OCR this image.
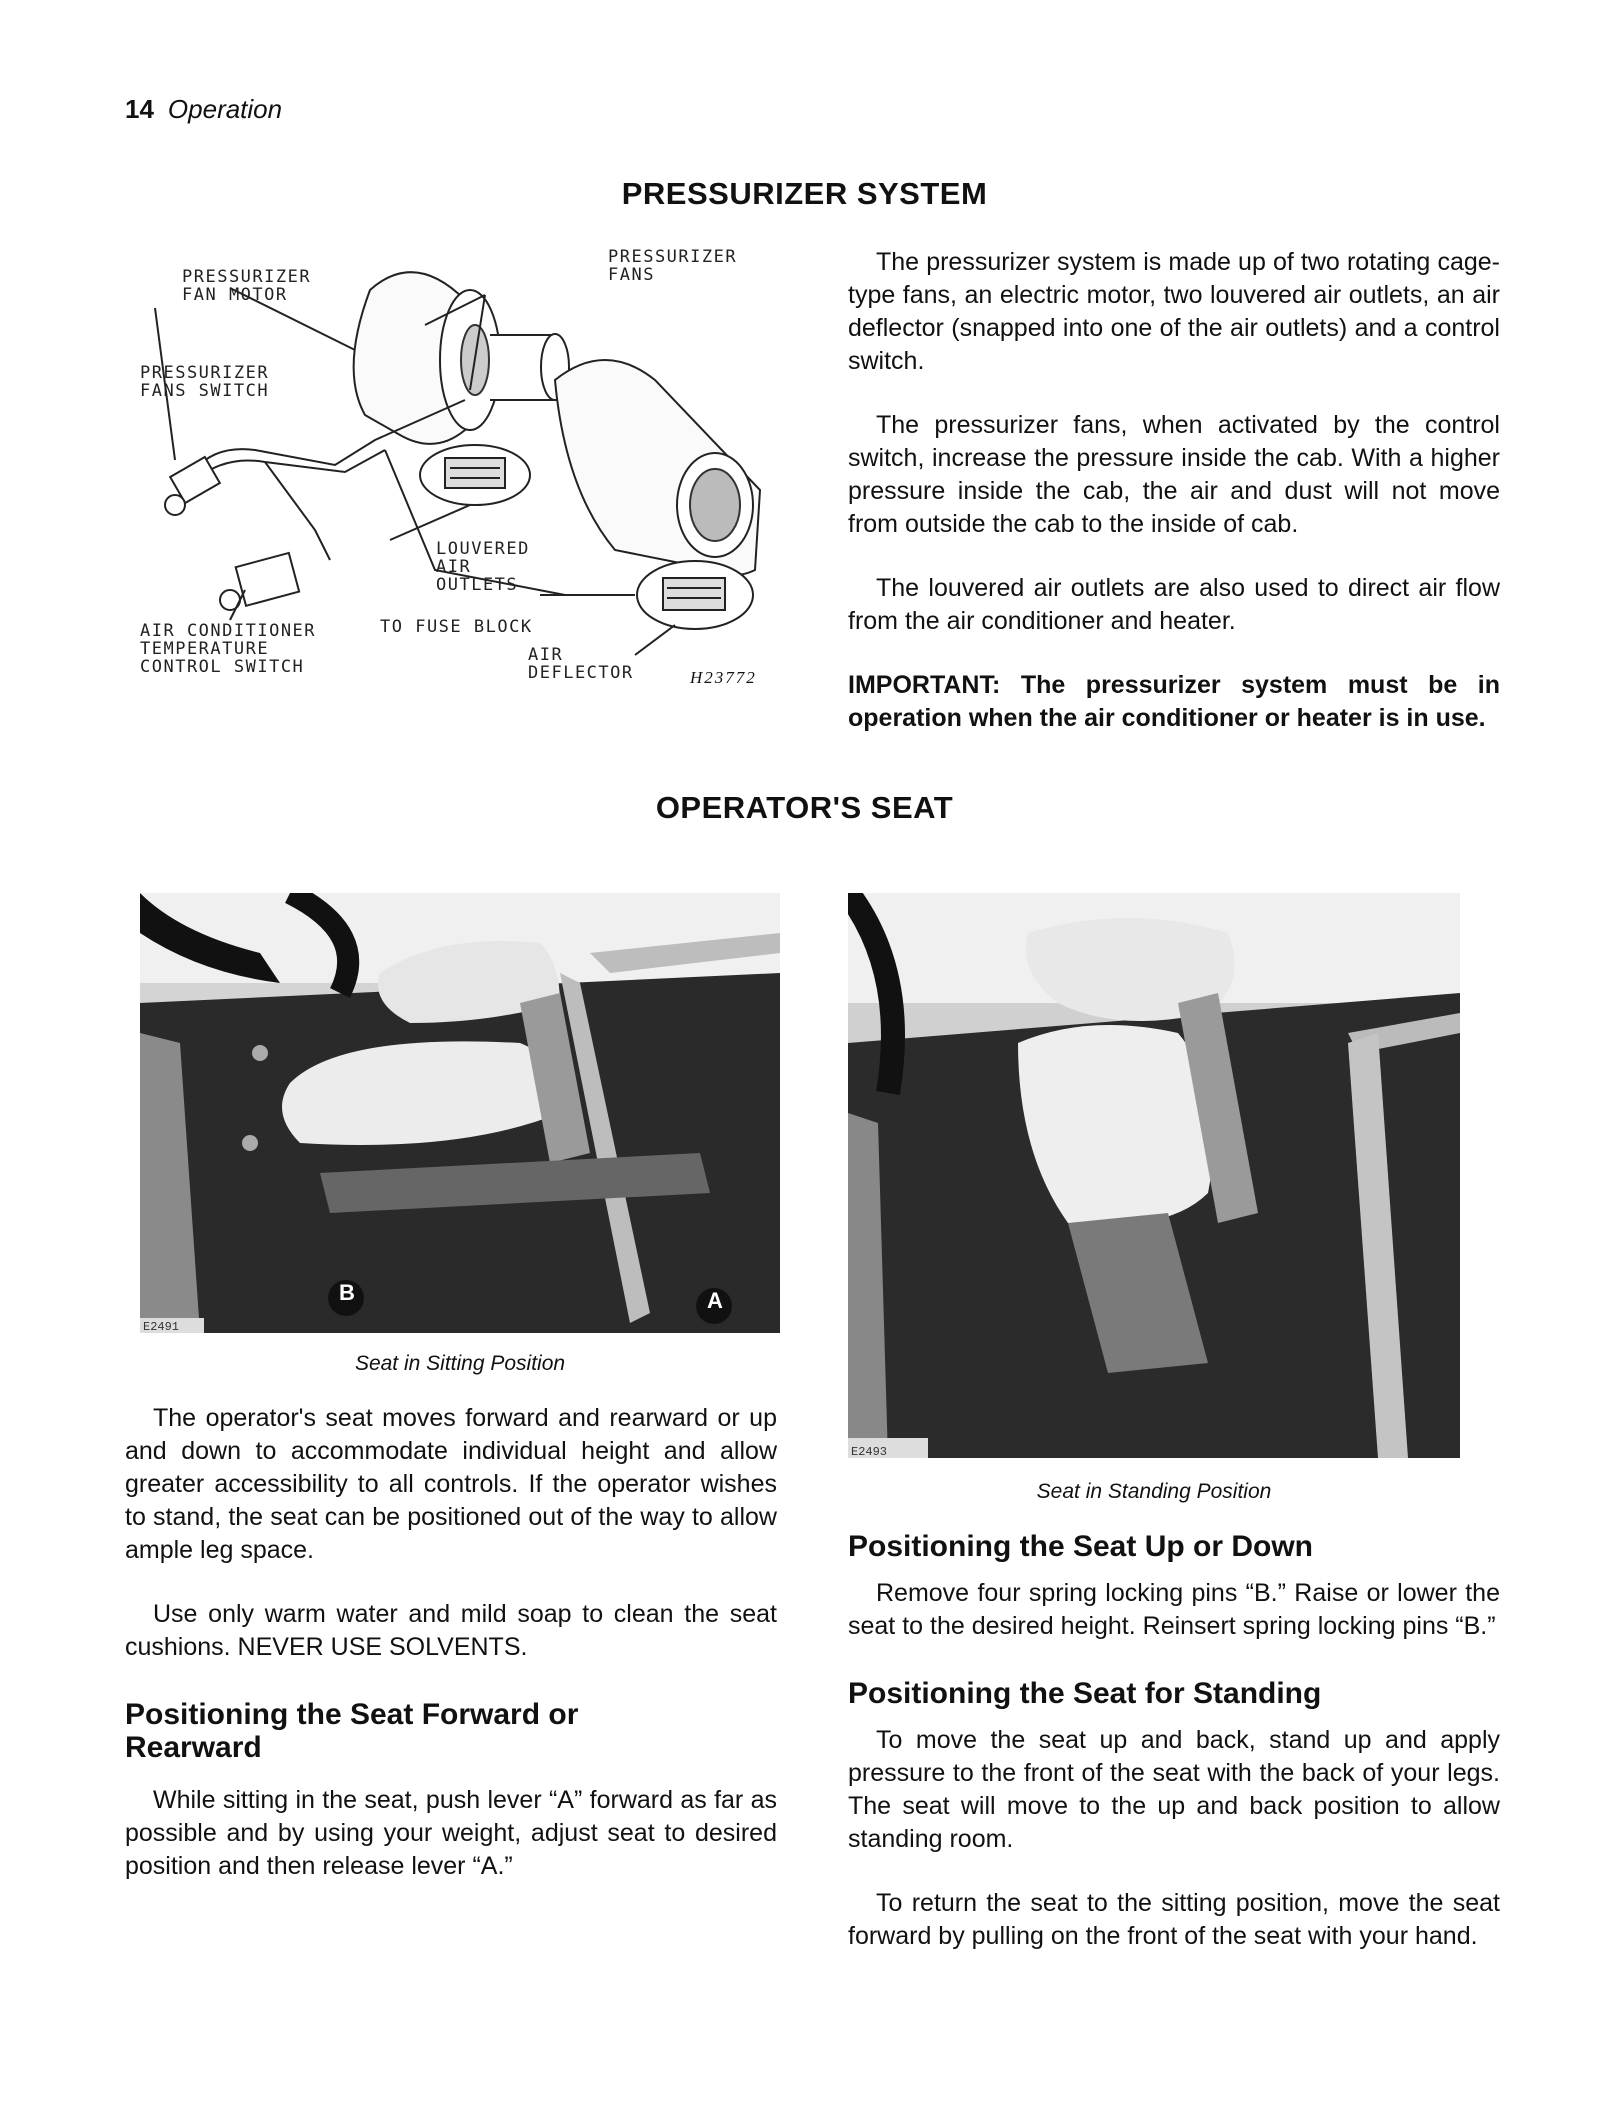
14 Operation
PRESSURIZER SYSTEM
PRESSURIZER
FAN MOTOR
PRESSURIZER
FANS
PRESSURIZER
FANS SWITCH
LOUVERED
AIR
OUTLETS
AIR CONDITIONER
TEMPERATURE
CONTROL SWITCH
TO FUSE BLOCK
AIR
DEFLECTOR	H23772

The pressurizer system is made up of two rotating cage-type fans, an electric motor, two louvered air outlets, an air deflector (snapped into one of the air outlets) and a control switch.

The pressurizer fans, when activated by the control switch, increase the pressure inside the cab. With a higher pressure inside the cab, the air and dust will not move from outside the cab to the inside of cab.

The louvered air outlets are also used to direct air flow from the air conditioner and heater.

IMPORTANT: The pressurizer system must be in operation when the air conditioner or heater is in use.

OPERATOR'S SEAT
B	A
E2491
Seat in Sitting Position
E2493
Seat in Standing Position

The operator's seat moves forward and rearward or up and down to accommodate individual height and allow greater accessibility to all controls. If the operator wishes to stand, the seat can be positioned out of the way to allow ample leg space.

Use only warm water and mild soap to clean the seat cushions. NEVER USE SOLVENTS.

Positioning the Seat Forward or Rearward

While sitting in the seat, push lever “A” forward as far as possible and by using your weight, adjust seat to desired position and then release lever “A.”

Positioning the Seat Up or Down

Remove four spring locking pins “B.” Raise or lower the seat to the desired height. Reinsert spring locking pins “B.”

Positioning the Seat for Standing

To move the seat up and back, stand up and apply pressure to the front of the seat with the back of your legs. The seat will move to the up and back position to allow standing room.

To return the seat to the sitting position, move the seat forward by pulling on the front of the seat with your hand.
